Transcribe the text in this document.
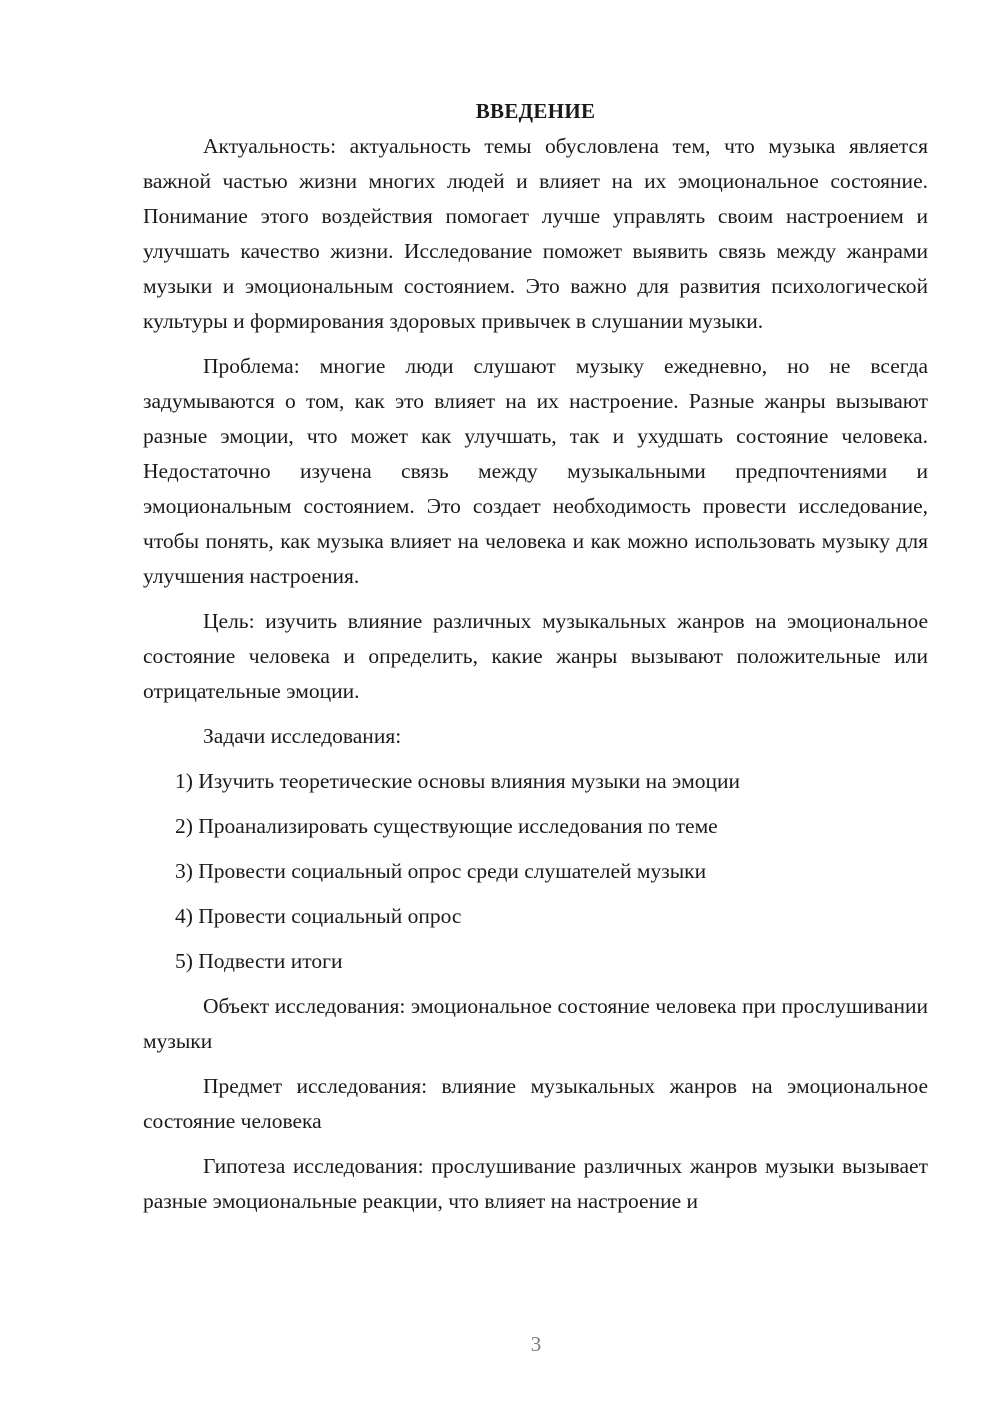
ВВЕДЕНИЕ

Актуальность: актуальность темы обусловлена тем, что музыка является важной частью жизни многих людей и влияет на их эмоциональное состояние. Понимание этого воздействия помогает лучше управлять своим настроением и улучшать качество жизни. Исследование поможет выявить связь между жанрами музыки и эмоциональным состоянием. Это важно для развития психологической культуры и формирования здоровых привычек в слушании музыки.

Проблема: многие люди слушают музыку ежедневно, но не всегда задумываются о том, как это влияет на их настроение. Разные жанры вызывают разные эмоции, что может как улучшать, так и ухудшать состояние человека. Недостаточно изучена связь между музыкальными предпочтениями и эмоциональным состоянием. Это создает необходимость провести исследование, чтобы понять, как музыка влияет на человека и как можно использовать музыку для улучшения настроения.

Цель: изучить влияние различных музыкальных жанров на эмоциональное состояние человека и определить, какие жанры вызывают положительные или отрицательные эмоции.

Задачи исследования:

1) Изучить теоретические основы влияния музыки на эмоции

2) Проанализировать существующие исследования по теме

3) Провести социальный опрос среди слушателей музыки

4) Провести социальный опрос

5) Подвести итоги

Объект исследования: эмоциональное состояние человека при прослушивании музыки

Предмет исследования: влияние музыкальных жанров на эмоциональное состояние человека

Гипотеза исследования: прослушивание различных жанров музыки вызывает разные эмоциональные реакции, что влияет на настроение и

3
